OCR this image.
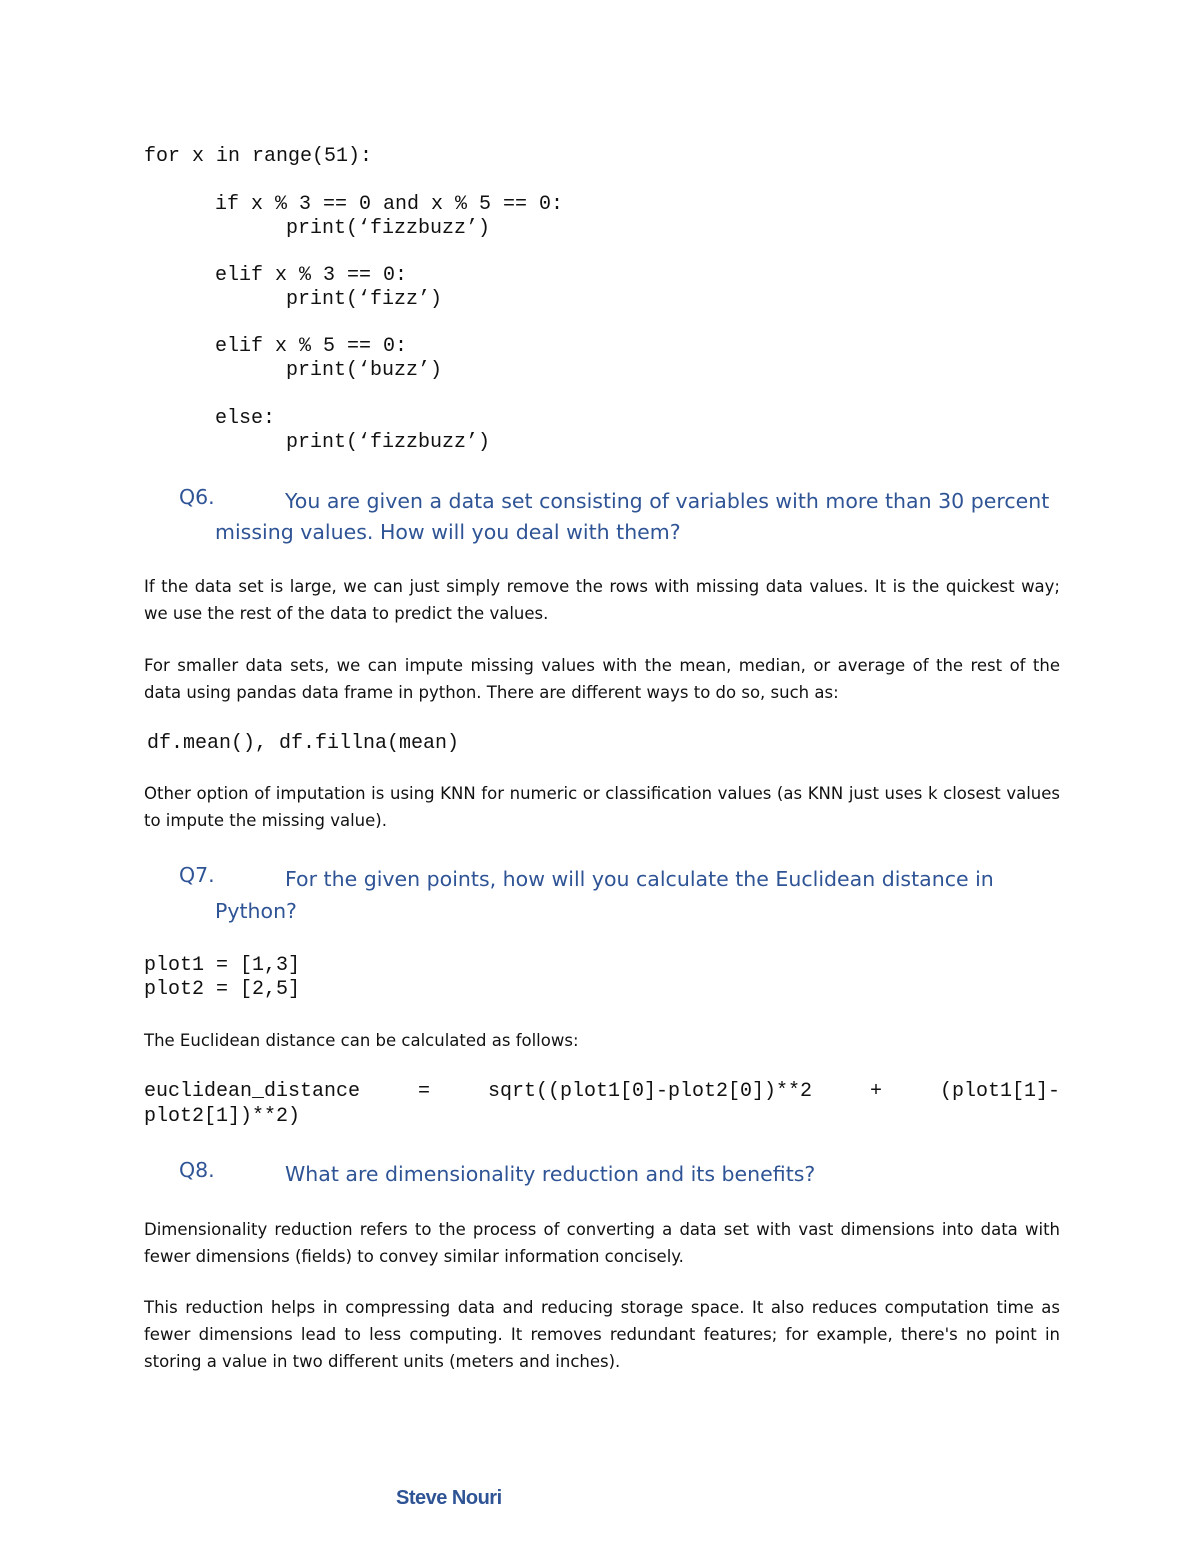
for x in range(51):
if x % 3 == 0 and x % 5 == 0:
print(‘fizzbuzz’)
elif x % 3 == 0:
print(‘fizz’)
elif x % 5 == 0:
print(‘buzz’)
else:
print(‘fizzbuzz’)
Q6.	You are given a data set consisting of variables with more than 30 percent
missing values. How will you deal with them?
If the data set is large, we can just simply remove the rows with missing data values. It is the quickest way; we use the rest of the data to predict the values.
For smaller data sets, we can impute missing values with the mean, median, or average of the rest of the data using pandas data frame in python. There are different ways to do so, such as:
df.mean(), df.fillna(mean)
Other option of imputation is using KNN for numeric or classification values (as KNN just uses k closest values to impute the missing value).
Q7.	For the given points, how will you calculate the Euclidean distance in
Python?
plot1 = [1,3]
plot2 = [2,5]
The Euclidean distance can be calculated as follows:
euclidean_distance	=	sqrt((plot1[0]-plot2[0])**2	+	(plot1[1]-
plot2[1])**2)
Q8.	What are dimensionality reduction and its benefits?
Dimensionality reduction refers to the process of converting a data set with vast dimensions into data with fewer dimensions (fields) to convey similar information concisely.
This reduction helps in compressing data and reducing storage space. It also reduces computation time as fewer dimensions lead to less computing. It removes redundant features; for example, there's no point in storing a value in two different units (meters and inches).
Steve Nouri
